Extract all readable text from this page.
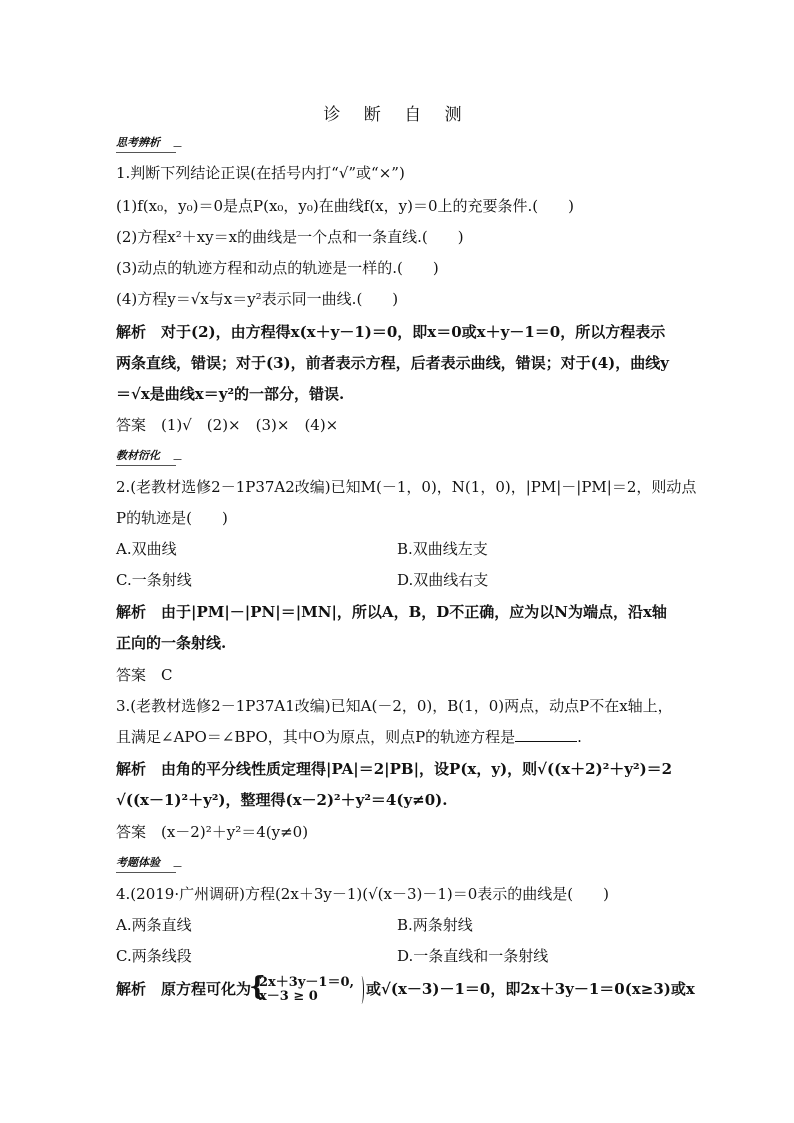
诊 断 自 测
思考辨析
1.判断下列结论正误(在括号内打“√”或“×”)
(1)f(x₀，y₀)＝0是点P(x₀，y₀)在曲线f(x，y)＝0上的充要条件.(　　)
(2)方程x²＋xy＝x的曲线是一个点和一条直线.(　　)
(3)动点的轨迹方程和动点的轨迹是一样的.(　　)
(4)方程y＝√x与x＝y²表示同一曲线.(　　)
解析　对于(2)，由方程得x(x＋y－1)＝0，即x＝0或x＋y－1＝0，所以方程表示
两条直线，错误；对于(3)，前者表示方程，后者表示曲线，错误；对于(4)，曲线y
＝√x是曲线x＝y²的一部分，错误.
答案　(1)√　(2)×　(3)×　(4)×
教材衍化
2.(老教材选修2－1P37A2改编)已知M(－1，0)，N(1，0)，|PM|－|PM|＝2，则动点
P的轨迹是(　　)
A.双曲线	B.双曲线左支
C.一条射线	D.双曲线右支
解析　由于|PM|－|PN|＝|MN|，所以A，B，D不正确，应为以N为端点，沿x轴
正向的一条射线.
答案　C
3.(老教材选修2－1P37A1改编)已知A(－2，0)，B(1，0)两点，动点P不在x轴上，
且满足∠APO＝∠BPO，其中O为原点，则点P的轨迹方程是	.
解析　由角的平分线性质定理得|PA|＝2|PB|，设P(x，y)，则√((x＋2)²＋y²)＝2
√((x－1)²＋y²)，整理得(x－2)²＋y²＝4(y≠0).
答案　(x－2)²＋y²＝4(y≠0)
考题体验
4.(2019·广州调研)方程(2x＋3y－1)(√(x－3)－1)＝0表示的曲线是(　　)
A.两条直线	B.两条射线
C.两条线段	D.一条直线和一条射线
解析　原方程可化为
{ 2x＋3y－1＝0,
x－3 ≥ 0	或√(x－3)－1＝0，即2x＋3y－1＝0(x≥3)或x
